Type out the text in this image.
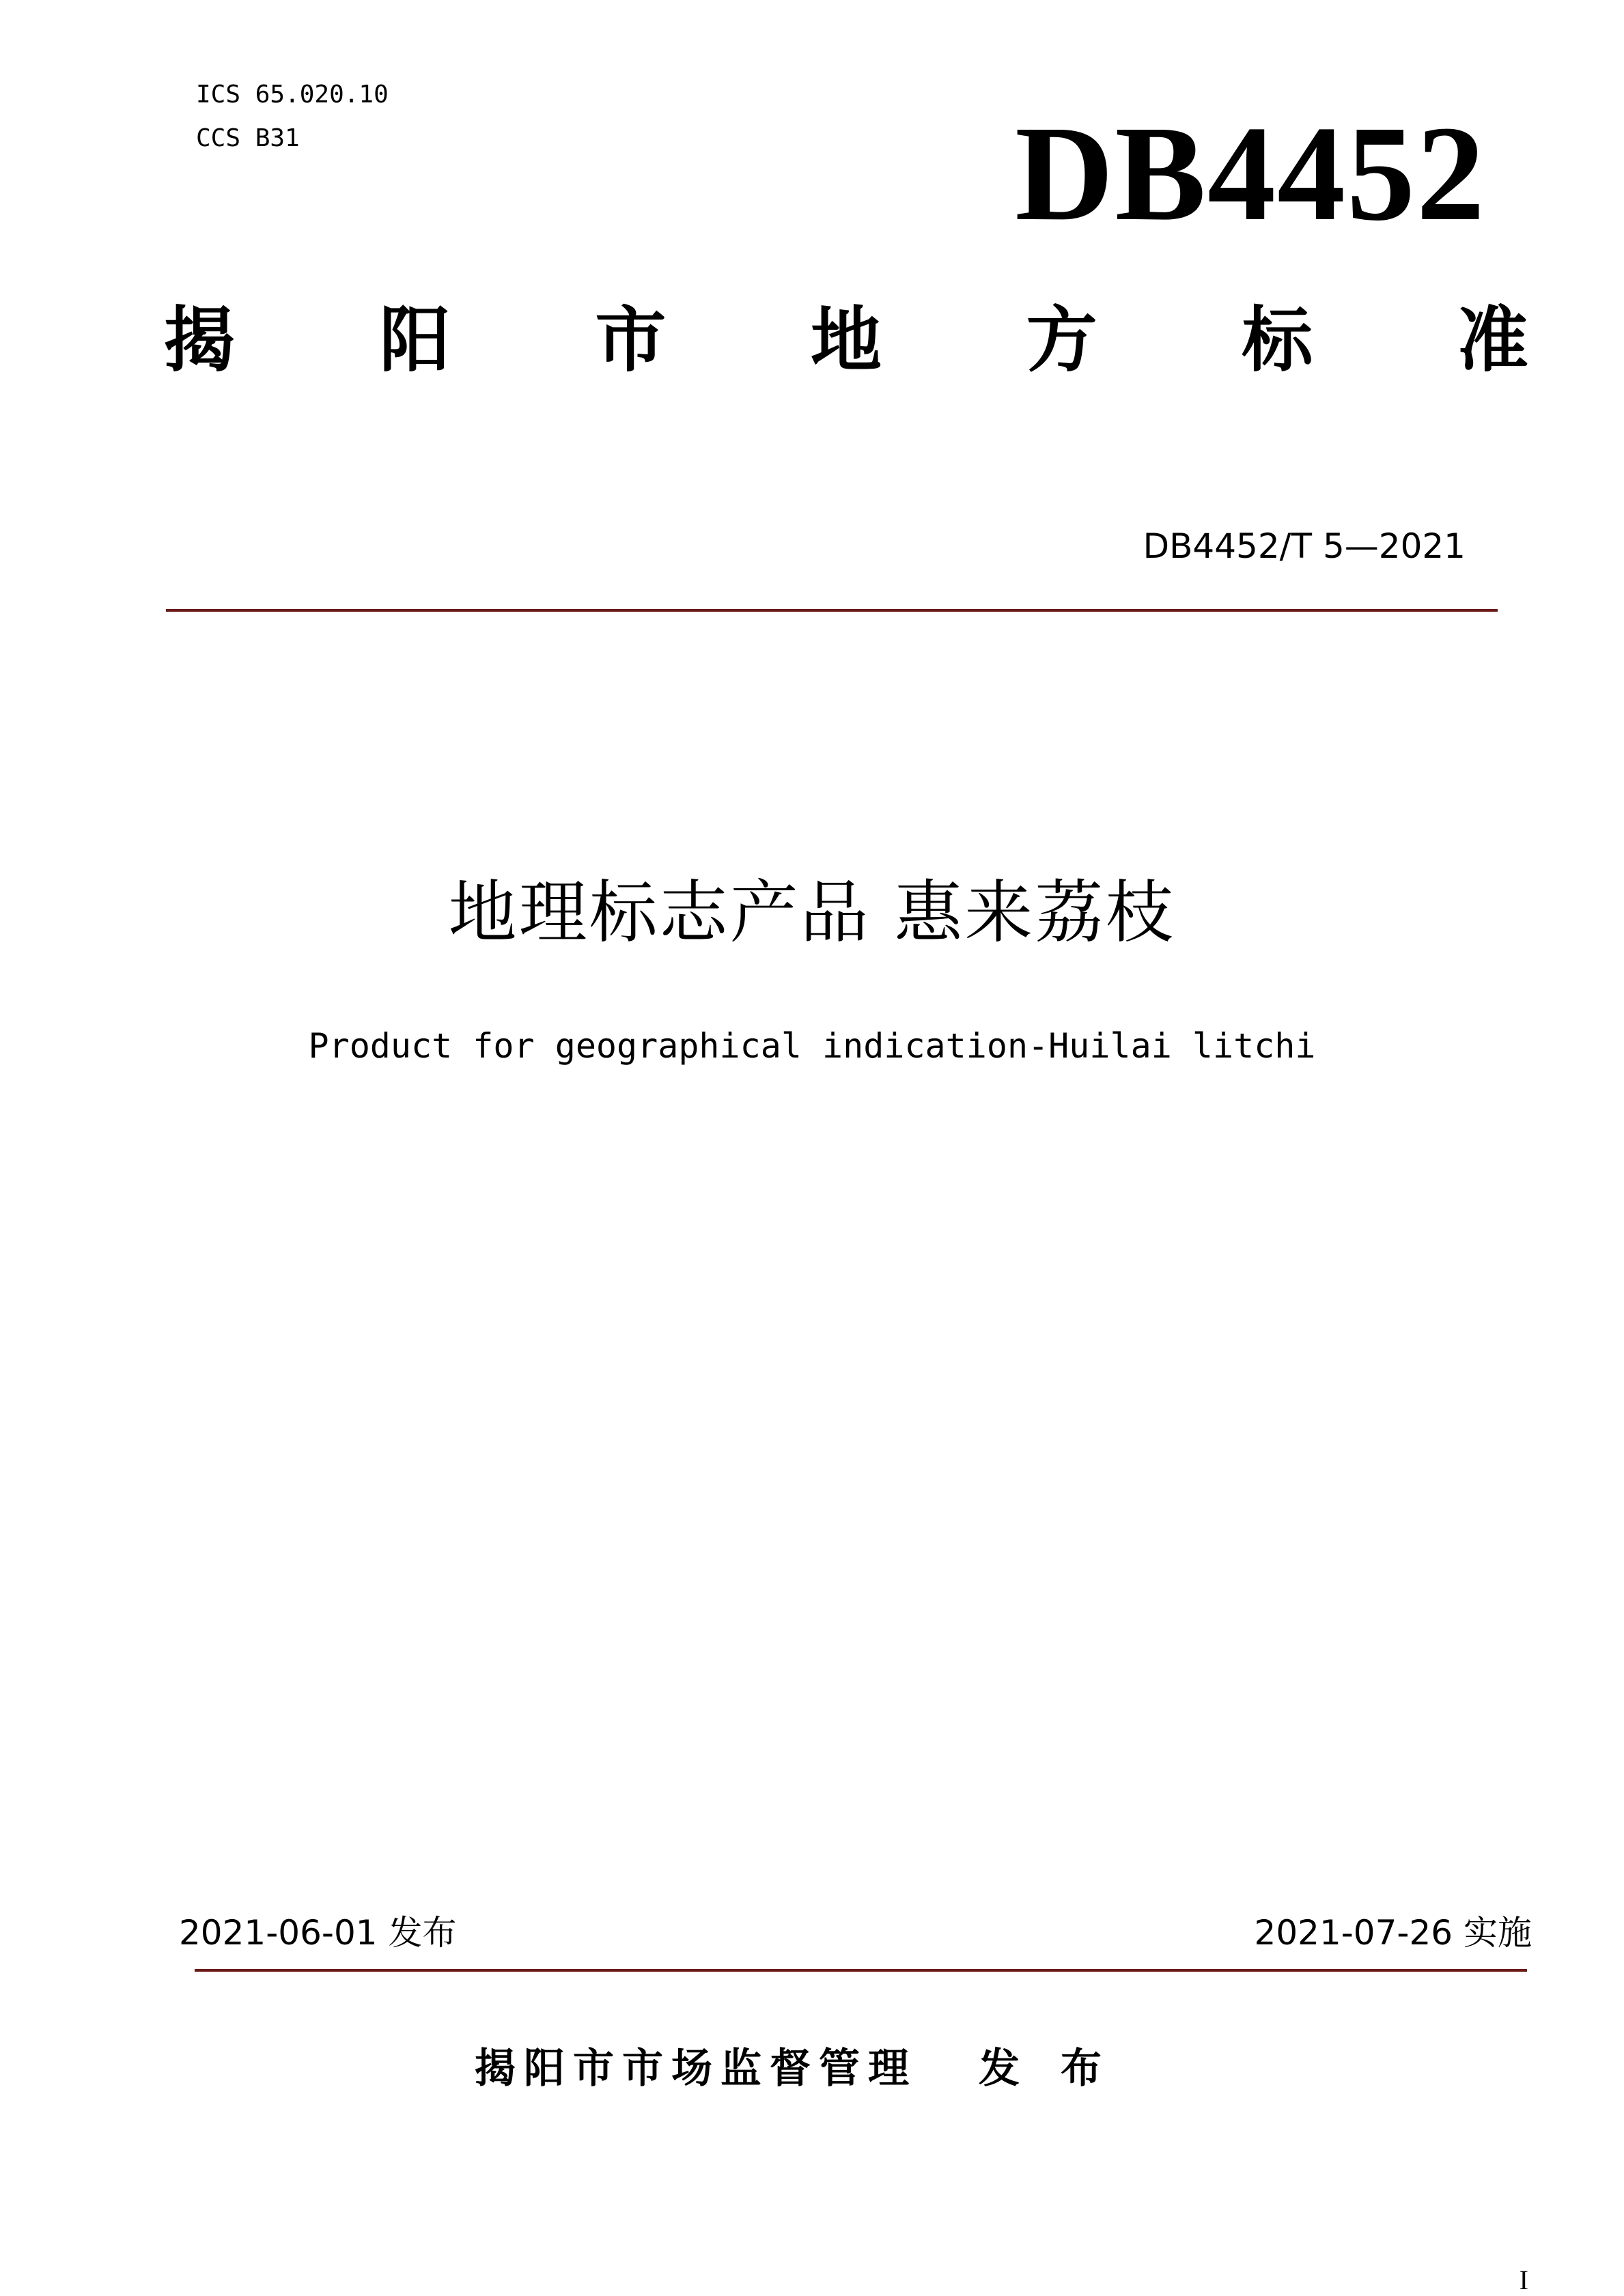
ICS 65.020.10

CCS B31	DB4452
揭 阳 市 地 方 标 准
DB4452/T 5—2021
地理标志产品 惠来荔枝
Product for geographical indication-Huilai litchi
2021-06-01 发布	2021-07-26 实施
揭阳市市场监督管理 发布
I
